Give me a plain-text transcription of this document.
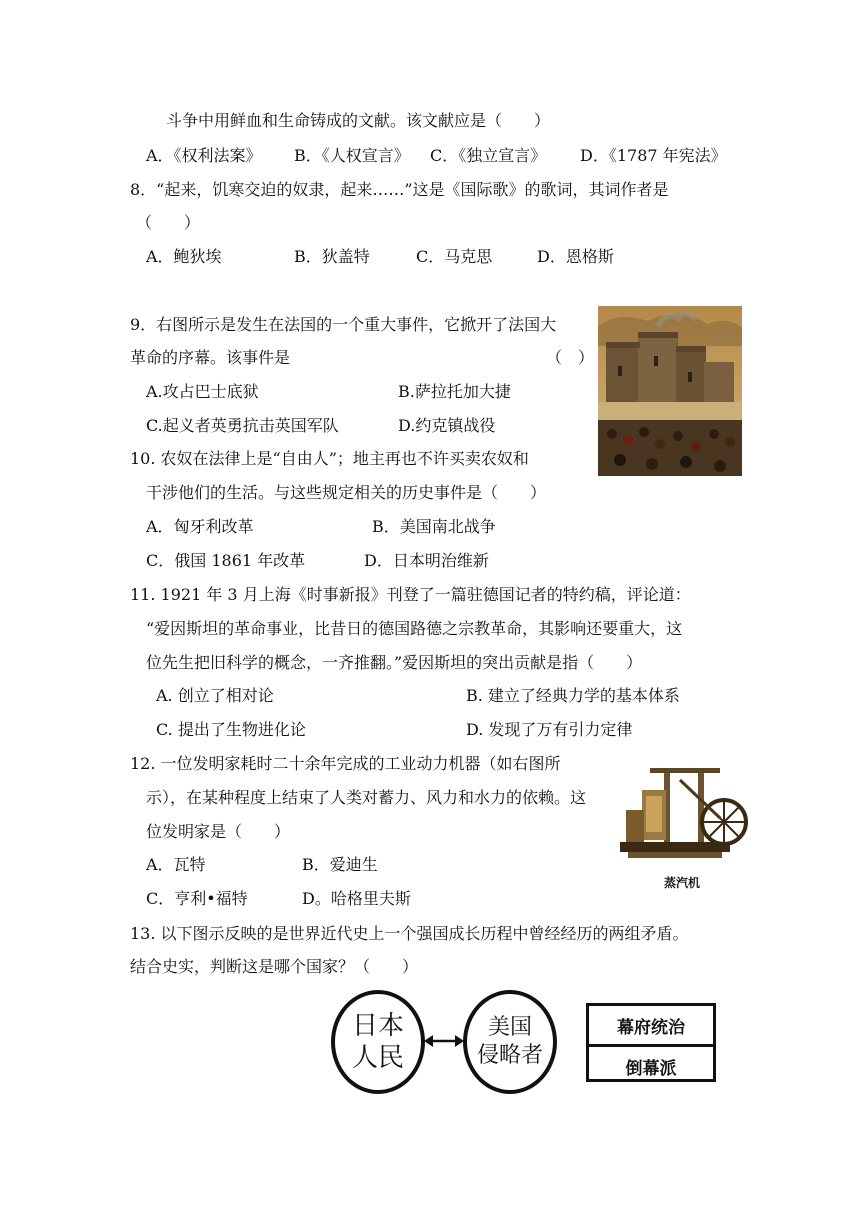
斗争中用鲜血和生命铸成的文献。该文献应是（　　）
A．《权利法案》 B．《人权宣言》 C．《独立宣言》 D．《1787 年宪法》
8．“起来，饥寒交迫的奴隶，起来……”这是《国际歌》的歌词，其词作者是
（　　）
A．鲍狄埃	B．狄盖特	C．马克思	D．恩格斯
9．右图所示是发生在法国的一个重大事件，它掀开了法国大
革命的序幕。该事件是	（　）
A.攻占巴士底狱	B.萨拉托加大捷
C.起义者英勇抗击英国军队	D.约克镇战役
10. 农奴在法律上是“自由人”；地主再也不许买卖农奴和
干涉他们的生活。与这些规定相关的历史事件是（　　）
A．匈牙利改革	B．美国南北战争
C．俄国 1861 年改革	D．日本明治维新
11. 1921 年 3 月上海《时事新报》刊登了一篇驻德国记者的特约稿，评论道：
“爱因斯坦的革命事业，比昔日的德国路德之宗教革命，其影响还要重大，这
位先生把旧科学的概念，一齐推翻。”爱因斯坦的突出贡献是指（　　）
A. 创立了相对论	B. 建立了经典力学的基本体系
C. 提出了生物进化论	D. 发现了万有引力定律
12. 一位发明家耗时二十余年完成的工业动力机器（如右图所
示），在某种程度上结束了人类对蓄力、风力和水力的依赖。这
位发明家是（　　）
A．瓦特	B．爱迪生
C．亨利•福特	D。哈格里夫斯
蒸汽机
13. 以下图示反映的是世界近代史上一个强国成长历程中曾经经历的两组矛盾。
结合史实，判断这是哪个国家？（　　）
日本
人民
美国
侵略者
幕府统治
倒幕派
